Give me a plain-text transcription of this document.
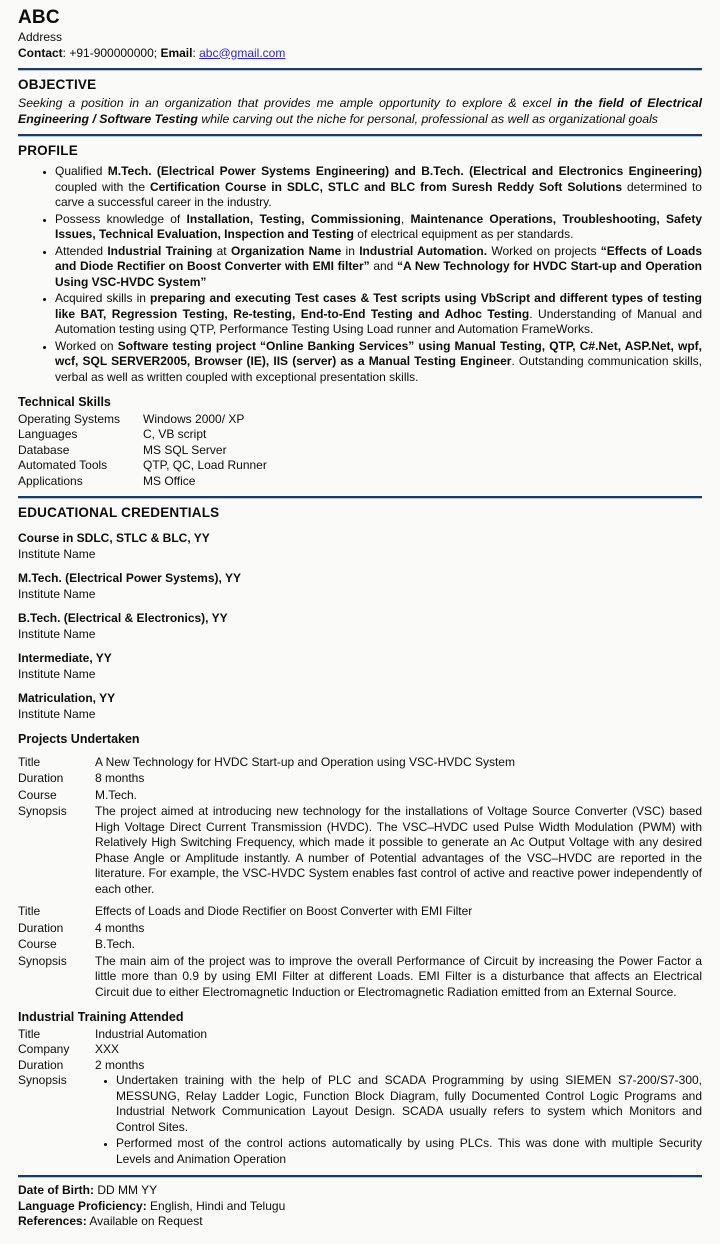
ABC
Address
Contact: +91-900000000; Email: abc@gmail.com
OBJECTIVE
Seeking a position in an organization that provides me ample opportunity to explore & excel in the field of Electrical Engineering / Software Testing while carving out the niche for personal, professional as well as organizational goals
PROFILE
• Qualified M.Tech. (Electrical Power Systems Engineering) and B.Tech. (Electrical and Electronics Engineering) coupled with the Certification Course in SDLC, STLC and BLC from Suresh Reddy Soft Solutions determined to carve a successful career in the industry.
• Possess knowledge of Installation, Testing, Commissioning, Maintenance Operations, Troubleshooting, Safety Issues, Technical Evaluation, Inspection and Testing of electrical equipment as per standards.
• Attended Industrial Training at Organization Name in Industrial Automation. Worked on projects “Effects of Loads and Diode Rectifier on Boost Converter with EMI filter” and “A New Technology for HVDC Start-up and Operation Using VSC-HVDC System”
• Acquired skills in preparing and executing Test cases & Test scripts using VbScript and different types of testing like BAT, Regression Testing, Re-testing, End-to-End Testing and Adhoc Testing. Understanding of Manual and Automation testing using QTP, Performance Testing Using Load runner and Automation FrameWorks.
• Worked on Software testing project “Online Banking Services” using Manual Testing, QTP, C#.Net, ASP.Net, wpf, wcf, SQL SERVER2005, Browser (IE), IIS (server) as a Manual Testing Engineer. Outstanding communication skills, verbal as well as written coupled with exceptional presentation skills.
Technical Skills
Operating Systems	Windows 2000/ XP
Languages	C, VB script
Database	MS SQL Server
Automated Tools	QTP, QC, Load Runner
Applications	MS Office
EDUCATIONAL CREDENTIALS
Course in SDLC, STLC & BLC, YY
Institute Name
M.Tech. (Electrical Power Systems), YY
Institute Name
B.Tech. (Electrical & Electronics), YY
Institute Name
Intermediate, YY
Institute Name
Matriculation, YY
Institute Name
Projects Undertaken
Title	A New Technology for HVDC Start-up and Operation using VSC-HVDC System
Duration	8 months
Course	M.Tech.
Synopsis	The project aimed at introducing new technology for the installations of Voltage Source Converter (VSC) based High Voltage Direct Current Transmission (HVDC). The VSC–HVDC used Pulse Width Modulation (PWM) with Relatively High Switching Frequency, which made it possible to generate an Ac Output Voltage with any desired Phase Angle or Amplitude instantly. A number of Potential advantages of the VSC–HVDC are reported in the literature. For example, the VSC-HVDC System enables fast control of active and reactive power independently of each other.
Title	Effects of Loads and Diode Rectifier on Boost Converter with EMI Filter
Duration	4 months
Course	B.Tech.
Synopsis	The main aim of the project was to improve the overall Performance of Circuit by increasing the Power Factor a little more than 0.9 by using EMI Filter at different Loads. EMI Filter is a disturbance that affects an Electrical Circuit due to either Electromagnetic Induction or Electromagnetic Radiation emitted from an External Source.
Industrial Training Attended
Title	Industrial Automation
Company	XXX
Duration	2 months
Synopsis	• Undertaken training with the help of PLC and SCADA Programming by using SIEMEN S7-200/S7-300, MESSUNG, Relay Ladder Logic, Function Block Diagram, fully Documented Control Logic Programs and Industrial Network Communication Layout Design. SCADA usually refers to system which Monitors and Control Sites.
• Performed most of the control actions automatically by using PLCs. This was done with multiple Security Levels and Animation Operation
Date of Birth: DD MM YY
Language Proficiency: English, Hindi and Telugu
References: Available on Request
